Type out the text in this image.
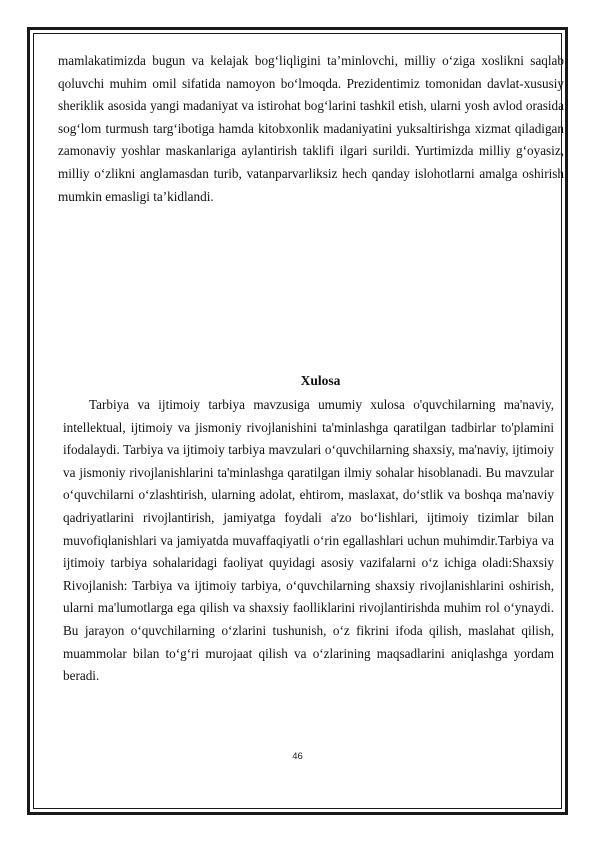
mamlakatimizda bugun va kelajak bog‘liqligini ta’minlovchi, milliy o‘ziga xoslikni saqlab qoluvchi muhim omil sifatida namoyon bo‘lmoqda. Prezidentimiz tomonidan davlat-xususiy sheriklik asosida yangi madaniyat va istirohat bog‘larini tashkil etish, ularni yosh avlod orasida sog‘lom turmush targ‘ibotiga hamda kitobxonlik madaniyatini yuksaltirishga xizmat qiladigan zamonaviy yoshlar maskanlariga aylantirish taklifi ilgari surildi. Yurtimizda milliy g‘oyasiz, milliy o‘zlikni anglamasdan turib, vatanparvarliksiz hech qanday islohotlarni amalga oshirish mumkin emasligi ta’kidlandi.

Xulosa

Tarbiya va ijtimoiy tarbiya mavzusiga umumiy xulosa o'quvchilarning ma'naviy, intellektual, ijtimoiy va jismoniy rivojlanishini ta'minlashga qaratilgan tadbirlar to'plamini ifodalaydi. Tarbiya va ijtimoiy tarbiya mavzulari o‘quvchilarning shaxsiy, ma'naviy, ijtimoiy va jismoniy rivojlanishlarini ta'minlashga qaratilgan ilmiy sohalar hisoblanadi. Bu mavzular o‘quvchilarni o‘zlashtirish, ularning adolat, ehtirom, maslaxat, do‘stlik va boshqa ma'naviy qadriyatlarini rivojlantirish, jamiyatga foydali a'zo bo‘lishlari, ijtimoiy tizimlar bilan muvofiqlanishlari va jamiyatda muvaffaqiyatli o‘rin egallashlari uchun muhimdir.Tarbiya va ijtimoiy tarbiya sohalaridagi faoliyat quyidagi asosiy vazifalarni o‘z ichiga oladi:Shaxsiy Rivojlanish: Tarbiya va ijtimoiy tarbiya, o‘quvchilarning shaxsiy rivojlanishlarini oshirish, ularni ma'lumotlarga ega qilish va shaxsiy faolliklarini rivojlantirishda muhim rol o‘ynaydi. Bu jarayon o‘quvchilarning o‘zlarini tushunish, o‘z fikrini ifoda qilish, maslahat qilish, muammolar bilan to‘g‘ri murojaat qilish va o‘zlarining maqsadlarini aniqlashga yordam beradi.

46
